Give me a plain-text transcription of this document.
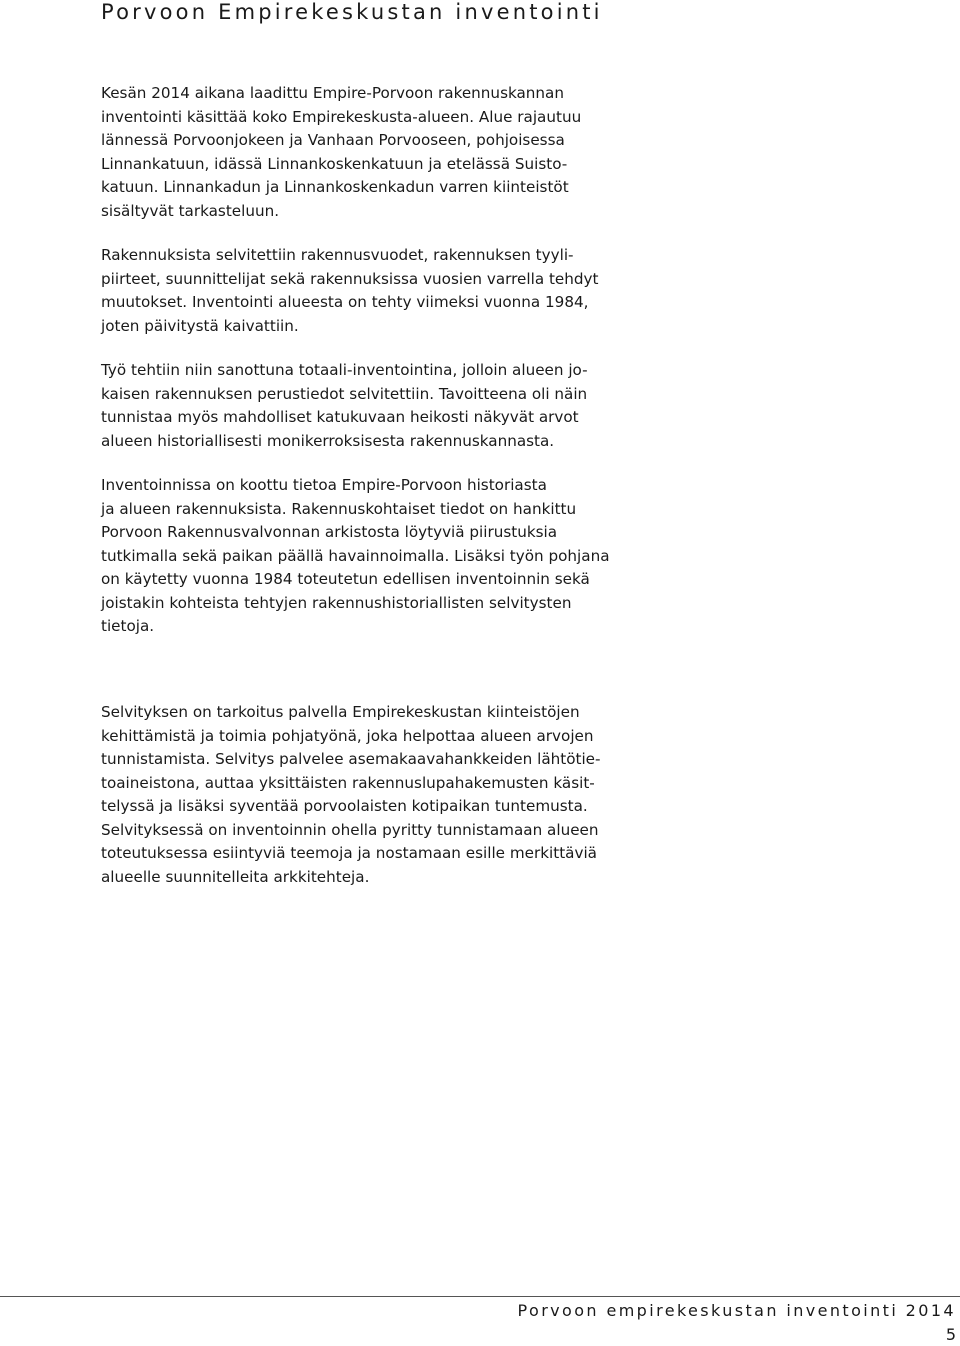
Porvoon Empirekeskustan inventointi

Kesän 2014 aikana laadittu Empire-Porvoon rakennuskannan
inventointi käsittää koko Empirekeskusta-alueen. Alue rajautuu
lännessä Porvoonjokeen ja Vanhaan Porvooseen, pohjoisessa
Linnankatuun, idässä Linnankoskenkatuun ja etelässä Suisto-
katuun. Linnankadun ja Linnankoskenkadun varren kiinteistöt
sisältyvät tarkasteluun.

Rakennuksista selvitettiin rakennusvuodet, rakennuksen tyyli-
piirteet, suunnittelijat sekä rakennuksissa vuosien varrella tehdyt
muutokset. Inventointi alueesta on tehty viimeksi vuonna 1984,
joten päivitystä kaivattiin.

Työ tehtiin niin sanottuna totaali-inventointina, jolloin alueen jo-
kaisen rakennuksen perustiedot selvitettiin. Tavoitteena oli näin
tunnistaa myös mahdolliset katukuvaan heikosti näkyvät arvot
alueen historiallisesti monikerroksisesta rakennuskannasta.

Inventoinnissa on koottu tietoa Empire-Porvoon historiasta
ja alueen rakennuksista. Rakennuskohtaiset tiedot on hankittu
Porvoon Rakennusvalvonnan arkistosta löytyviä piirustuksia
tutkimalla sekä paikan päällä havainnoimalla. Lisäksi työn pohjana
on käytetty vuonna 1984 toteutetun edellisen inventoinnin sekä
joistakin kohteista tehtyjen rakennushistoriallisten selvitysten
tietoja.

Selvityksen on tarkoitus palvella Empirekeskustan kiinteistöjen
kehittämistä ja toimia pohjatyönä, joka helpottaa alueen arvojen
tunnistamista. Selvitys palvelee asemakaavahankkeiden lähtötie-
toaineistona, auttaa yksittäisten rakennuslupahakemusten käsit-
telyssä ja lisäksi syventää porvoolaisten kotipaikan tuntemusta.
Selvityksessä on inventoinnin ohella pyritty tunnistamaan alueen
toteutuksessa esiintyviä teemoja ja nostamaan esille merkittäviä
alueelle suunnitelleita arkkitehteja.

Porvoon empirekeskustan inventointi 2014
5
